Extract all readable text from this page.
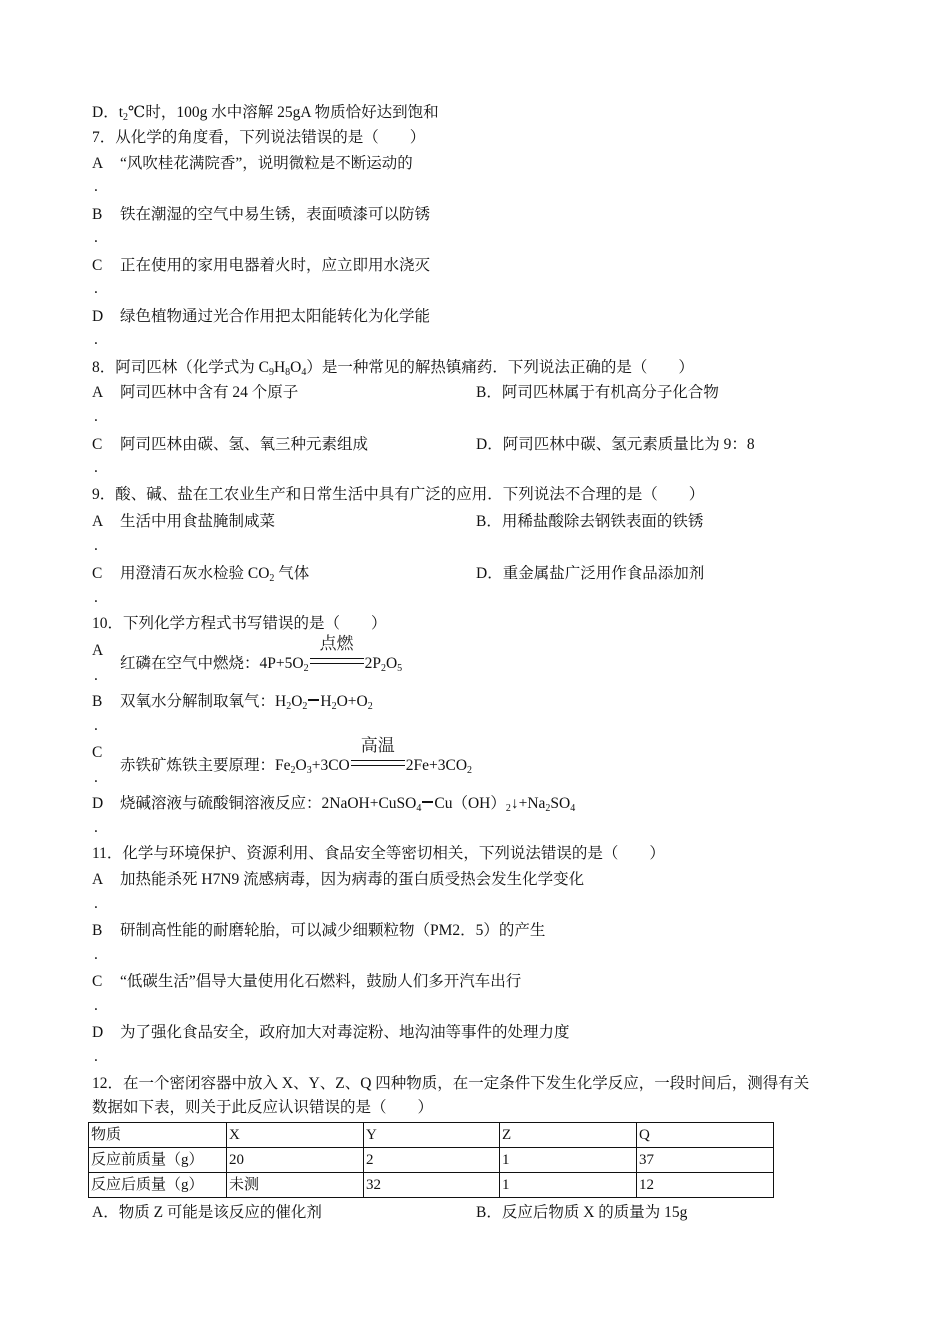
D．$t_2℃$时，100g 水中溶解 25gA 物质恰好达到饱和
7．从化学的角度看，下列说法错误的是（　　）
A “风吹桂花满院香”，说明微粒是不断运动的
.
B 铁在潮湿的空气中易生锈，表面喷漆可以防锈
.
C 正在使用的家用电器着火时，应立即用水浇灭
.
D 绿色植物通过光合作用把太阳能转化为化学能
.
8．阿司匹林（化学式为 $C_9H_8O_4$）是一种常见的解热镇痛药．下列说法正确的是（　　）
A 阿司匹林中含有 24 个原子	B．阿司匹林属于有机高分子化合物
.
C 阿司匹林由碳、氢、氧三种元素组成	D．阿司匹林中碳、氢元素质量比为 9：8
.
9．酸、碱、盐在工农业生产和日常生活中具有广泛的应用．下列说法不合理的是（　　）
A 生活中用食盐腌制咸菜	B．用稀盐酸除去钢铁表面的铁锈
.
C 用澄清石灰水检验 $CO_2$ 气体	D．重金属盐广泛用作食品添加剂
.
10．下列化学方程式书写错误的是（　　）
A
红磷在空气中燃烧：$4P+5O_2$
点燃
$2P_2O_5$
.
B 双氧水分解制取氧气：$H_2O_2$ $H_2O+O_2$
.
C
赤铁矿炼铁主要原理：$Fe_2O_3+3CO$
高温
$2Fe+3CO_2$
.
D 烧碱溶液与硫酸铜溶液反应：2NaOH+CuSO$_4$ $Cu(OH)_2↓+Na_2SO_4$
.
11．化学与环境保护、资源利用、食品安全等密切相关，下列说法错误的是（　　）
A 加热能杀死 H7N9 流感病毒，因为病毒的蛋白质受热会发生化学变化
.
B 研制高性能的耐磨轮胎，可以减少细颗粒物（PM2．5）的产生
.
C “低碳生活”倡导大量使用化石燃料，鼓励人们多开汽车出行
.
D 为了强化食品安全，政府加大对毒淀粉、地沟油等事件的处理力度
.
12．在一个密闭容器中放入 X、Y、Z、Q 四种物质，在一定条件下发生化学反应，一段时间后，测得有关
数据如下表，则关于此反应认识错误的是（　　）
物质	X	Y	Z	Q
反应前质量（g）	20	2	1	37
反应后质量（g）	未测	32	1	12
A．物质 Z 可能是该反应的催化剂	B．反应后物质 X 的质量为 15g
